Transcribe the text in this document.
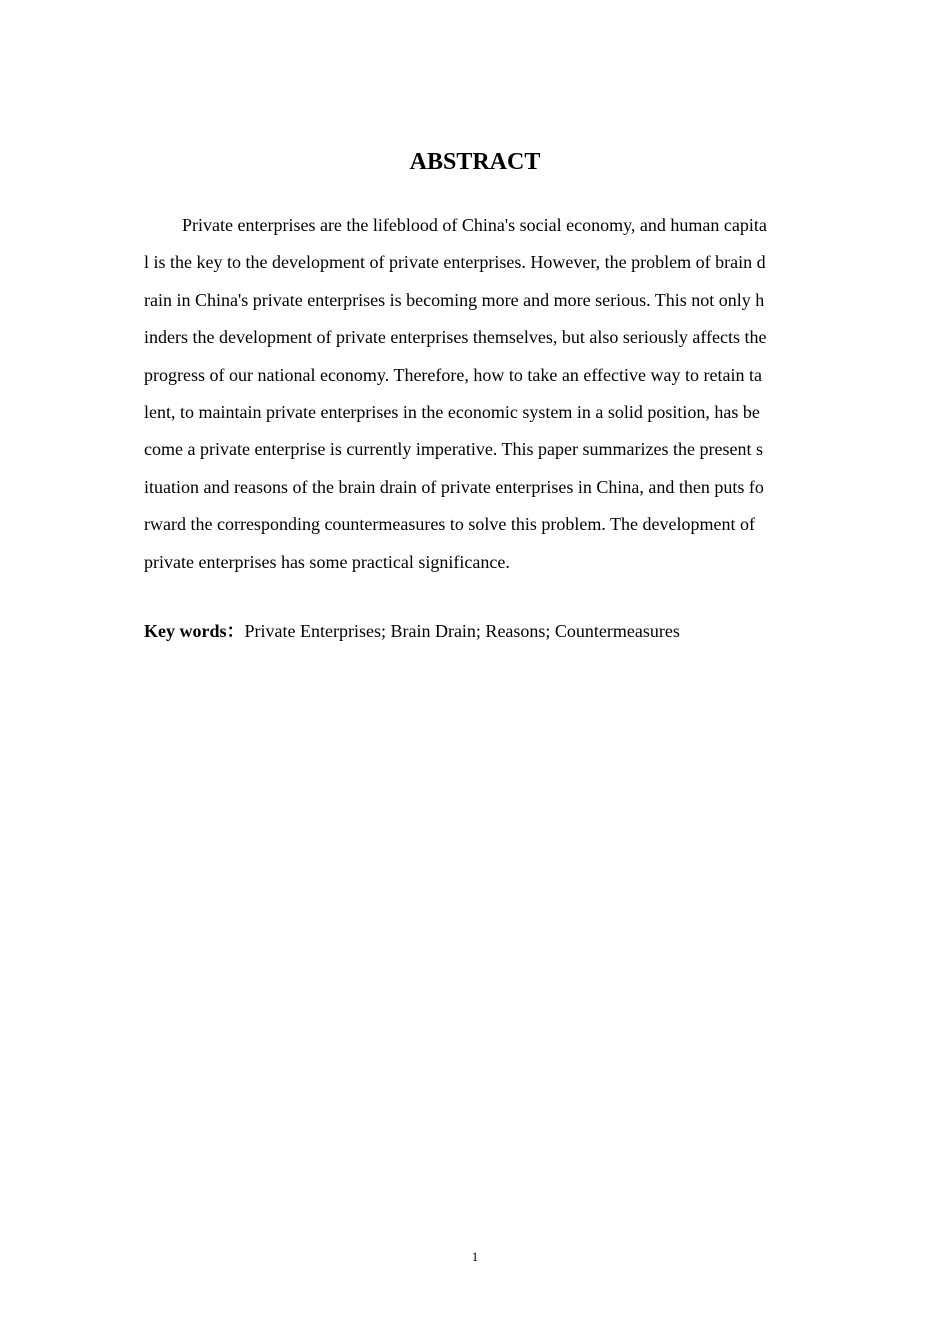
ABSTRACT
Private enterprises are the lifeblood of China's social economy, and human capita
l is the key to the development of private enterprises. However, the problem of brain d
rain in China's private enterprises is becoming more and more serious. This not only h
inders the development of private enterprises themselves, but also seriously affects the
progress of our national economy. Therefore, how to take an effective way to retain ta
lent, to maintain private enterprises in the economic system in a solid position, has be
come a private enterprise is currently imperative. This paper summarizes the present s
ituation and reasons of the brain drain of private enterprises in China, and then puts fo
rward the corresponding countermeasures to solve this problem. The development of
private enterprises has some practical significance.

Key words：Private Enterprises; Brain Drain; Reasons; Countermeasures

1
